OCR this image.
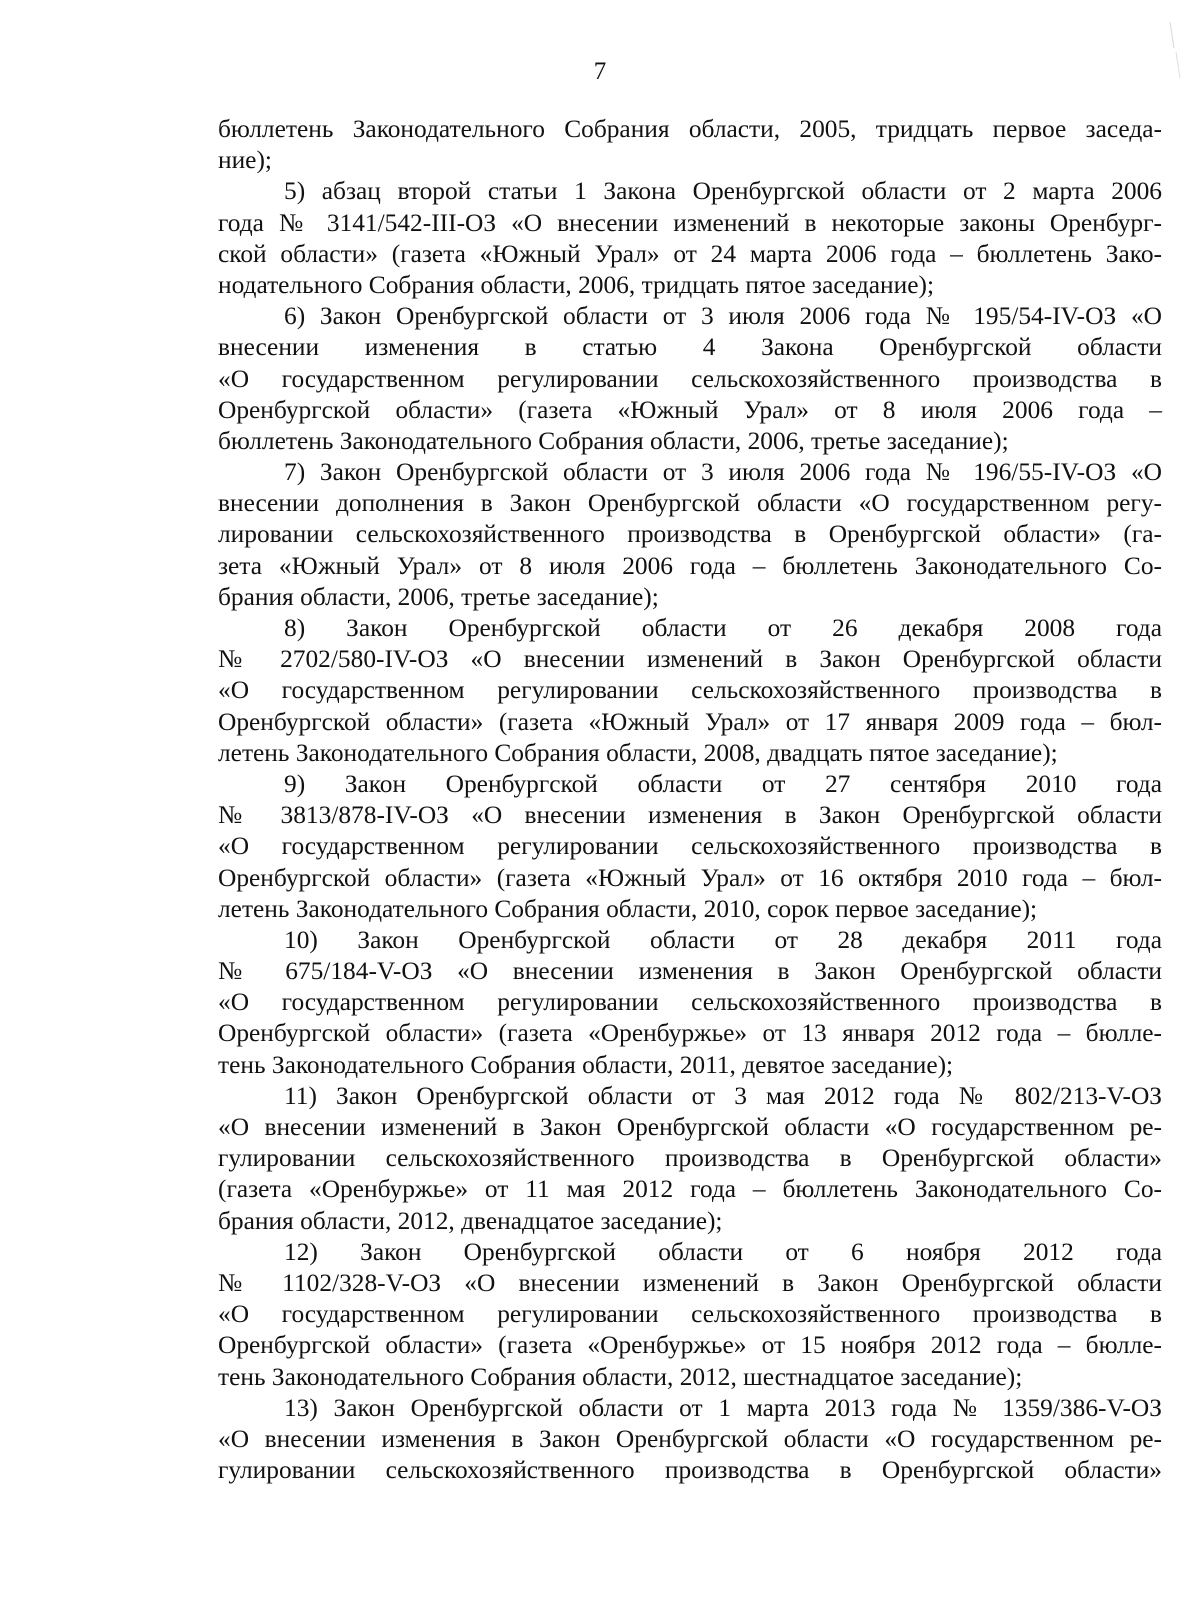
7
бюллетень Законодательного Собрания области, 2005, тридцать первое заседа-
ние);
5) абзац второй статьи 1 Закона Оренбургской области от 2 марта 2006
года № 3141/542-III-ОЗ «О внесении изменений в некоторые законы Оренбург-
ской области» (газета «Южный Урал» от 24 марта 2006 года – бюллетень Зако-
нодательного Собрания области, 2006, тридцать пятое заседание);
6) Закон Оренбургской области от 3 июля 2006 года № 195/54-IV-ОЗ «О
внесении изменения в статью 4 Закона Оренбургской области
«О государственном регулировании сельскохозяйственного производства в
Оренбургской области» (газета «Южный Урал» от 8 июля 2006 года –
бюллетень Законодательного Собрания области, 2006, третье заседание);
7) Закон Оренбургской области от 3 июля 2006 года № 196/55-IV-ОЗ «О
внесении дополнения в Закон Оренбургской области «О государственном регу-
лировании сельскохозяйственного производства в Оренбургской области» (га-
зета «Южный Урал» от 8 июля 2006 года – бюллетень Законодательного Со-
брания области, 2006, третье заседание);
8) Закон Оренбургской области от 26 декабря 2008 года
№ 2702/580-IV-ОЗ «О внесении изменений в Закон Оренбургской области
«О государственном регулировании сельскохозяйственного производства в
Оренбургской области» (газета «Южный Урал» от 17 января 2009 года – бюл-
летень Законодательного Собрания области, 2008, двадцать пятое заседание);
9) Закон Оренбургской области от 27 сентября 2010 года
№ 3813/878-IV-ОЗ «О внесении изменения в Закон Оренбургской области
«О государственном регулировании сельскохозяйственного производства в
Оренбургской области» (газета «Южный Урал» от 16 октября 2010 года – бюл-
летень Законодательного Собрания области, 2010, сорок первое заседание);
10) Закон Оренбургской области от 28 декабря 2011 года
№ 675/184-V-ОЗ «О внесении изменения в Закон Оренбургской области
«О государственном регулировании сельскохозяйственного производства в
Оренбургской области» (газета «Оренбуржье» от 13 января 2012 года – бюлле-
тень Законодательного Собрания области, 2011, девятое заседание);
11) Закон Оренбургской области от 3 мая 2012 года № 802/213-V-ОЗ
«О внесении изменений в Закон Оренбургской области «О государственном ре-
гулировании сельскохозяйственного производства в Оренбургской области»
(газета «Оренбуржье» от 11 мая 2012 года – бюллетень Законодательного Со-
брания области, 2012, двенадцатое заседание);
12) Закон Оренбургской области от 6 ноября 2012 года
№ 1102/328-V-ОЗ «О внесении изменений в Закон Оренбургской области
«О государственном регулировании сельскохозяйственного производства в
Оренбургской области» (газета «Оренбуржье» от 15 ноября 2012 года – бюлле-
тень Законодательного Собрания области, 2012, шестнадцатое заседание);
13) Закон Оренбургской области от 1 марта 2013 года № 1359/386-V-ОЗ
«О внесении изменения в Закон Оренбургской области «О государственном ре-
гулировании сельскохозяйственного производства в Оренбургской области»
